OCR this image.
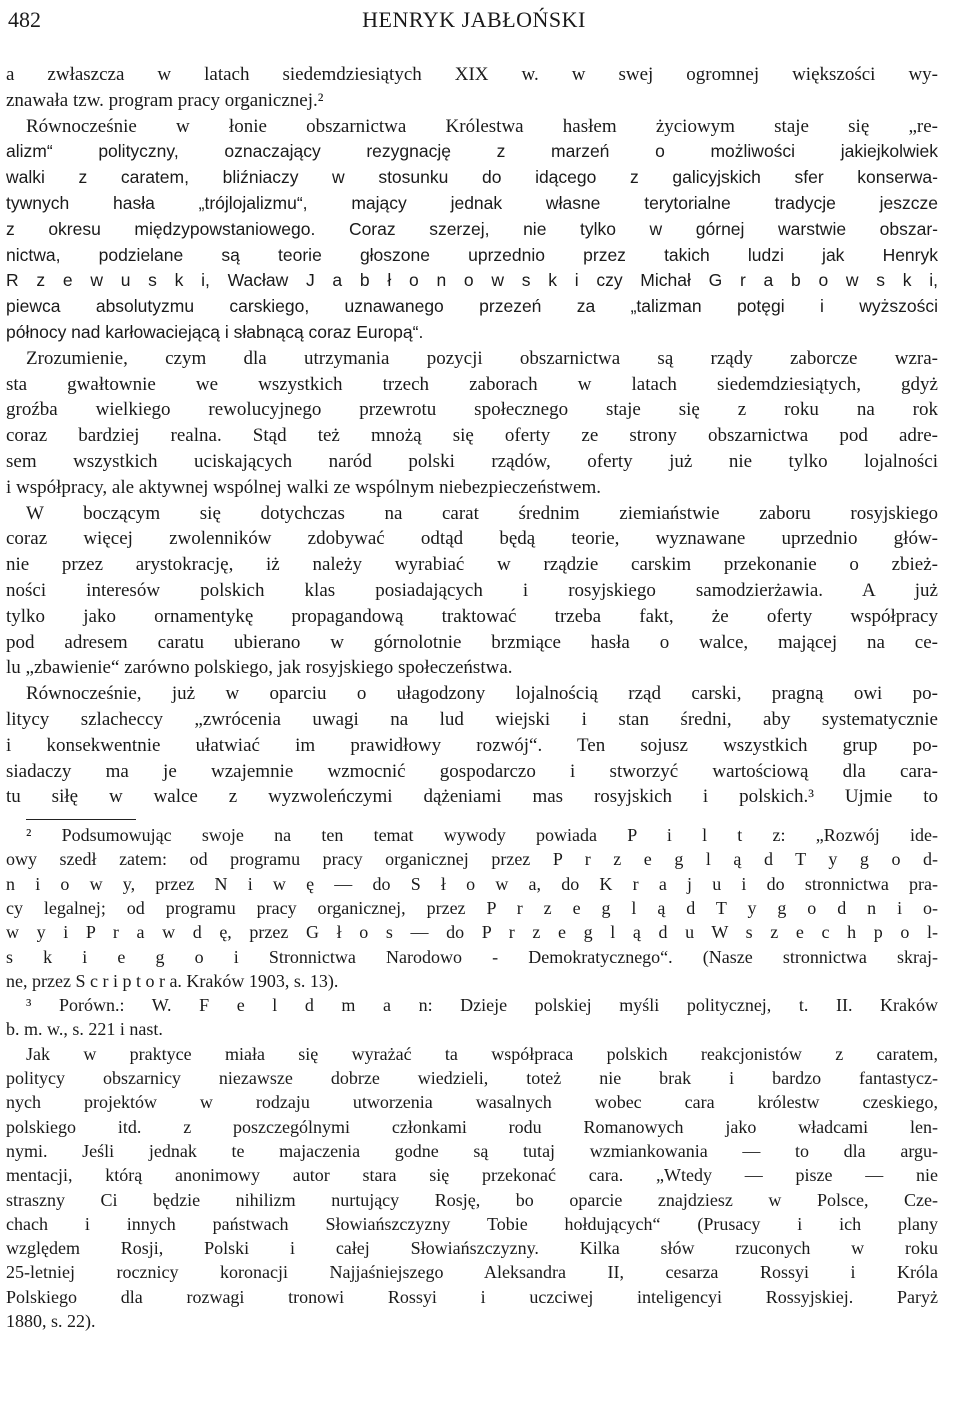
482	HENRYK JABŁOŃSKI
a zwłaszcza w latach siedemdziesiątych XIX w. w swej ogromnej większości wy-
znawała tzw. program pracy organicznej.²
Równocześnie w łonie obszarnictwa Królestwa hasłem życiowym staje się „re-
alizm“ polityczny, oznaczający rezygnację z marzeń o możliwości jakiejkolwiek
walki z caratem, bliźniaczy w stosunku do idącego z galicyjskich sfer konserwa-
tywnych hasła „trójlojalizmu“, mający jednak własne terytorialne tradycje jeszcze
z okresu międzypowstaniowego. Coraz szerzej, nie tylko w górnej warstwie obszar-
nictwa, podzielane są teorie głoszone uprzednio przez takich ludzi jak Henryk
R z e w u s k i, Wacław J a b ł o n o w s k i czy Michał G r a b o w s k i,
piewca absolutyzmu carskiego, uznawanego przezeń za „talizman potęgi i wyższości
północy nad karłowaciejącą i słabnącą coraz Europą“.
Zrozumienie, czym dla utrzymania pozycji obszarnictwa są rządy zaborcze wzra-
sta gwałtownie we wszystkich trzech zaborach w latach siedemdziesiątych, gdyż
groźba wielkiego rewolucyjnego przewrotu społecznego staje się z roku na rok
coraz bardziej realna. Stąd też mnożą się oferty ze strony obszarnictwa pod adre-
sem wszystkich uciskających naród polski rządów, oferty już nie tylko lojalności
i współpracy, ale aktywnej wspólnej walki ze wspólnym niebezpieczeństwem.
W boczącym się dotychczas na carat średnim ziemiaństwie zaboru rosyjskiego
coraz więcej zwolenników zdobywać odtąd będą teorie, wyznawane uprzednio głów-
nie przez arystokrację, iż należy wyrabiać w rządzie carskim przekonanie o zbież-
ności interesów polskich klas posiadających i rosyjskiego samodzierżawia. A już
tylko jako ornamentykę propagandową traktować trzeba fakt, że oferty współpracy
pod adresem caratu ubierano w górnolotnie brzmiące hasła o walce, mającej na ce-
lu „zbawienie“ zarówno polskiego, jak rosyjskiego społeczeństwa.
Równocześnie, już w oparciu o ułagodzony lojalnością rząd carski, pragną owi po-
litycy szlacheccy „zwrócenia uwagi na lud wiejski i stan średni, aby systematycznie
i konsekwentnie ułatwiać im prawidłowy rozwój“. Ten sojusz wszystkich grup po-
siadaczy ma je wzajemnie wzmocnić gospodarczo i stworzyć wartościową dla cara-
tu siłę w walce z wyzwoleńczymi dążeniami mas rosyjskich i polskich.³ Ujmie to
² Podsumowując swoje na ten temat wywody powiada P i l t z: „Rozwój ide-
owy szedł zatem: od programu pracy organicznej przez P r z e g l ą d T y g o d-
n i o w y, przez N i w ę — do S ł o w a, do K r a j u i do stronnictwa pra-
cy legalnej; od programu pracy organicznej, przez P r z e g l ą d T y g o d n i o-
w y i P r a w d ę, przez G ł o s — do P r z e g l ą d u W s z e c h p o l-
s k i e g o i Stronnictwa Narodowo - Demokratycznego“. (Nasze stronnictwa skraj-
ne, przez S c r i p t o r a. Kraków 1903, s. 13).
³ Porówn.: W. F e l d m a n: Dzieje polskiej myśli politycznej, t. II. Kraków
b. m. w., s. 221 i nast.
Jak w praktyce miała się wyrażać ta współpraca polskich reakcjonistów z caratem,
politycy obszarnicy niezawsze dobrze wiedzieli, toteż nie brak i bardzo fantastycz-
nych projektów w rodzaju utworzenia wasalnych wobec cara królestw czeskiego,
polskiego itd. z poszczególnymi członkami rodu Romanowych jako władcami len-
nymi. Jeśli jednak te majaczenia godne są tutaj wzmiankowania — to dla argu-
mentacji, którą anonimowy autor stara się przekonać cara. „Wtedy — pisze — nie
straszny Ci będzie nihilizm nurtujący Rosję, bo oparcie znajdziesz w Polsce, Cze-
chach i innych państwach Słowiańszczyzny Tobie hołdujących“ (Prusacy i ich plany
względem Rosji, Polski i całej Słowiańszczyzny. Kilka słów rzuconych w roku
25-letniej rocznicy koronacji Najjaśniejszego Aleksandra II, cesarza Rossyi i Króla
Polskiego dla rozwagi tronowi Rossyi i uczciwej inteligencyi Rossyjskiej. Paryż
1880, s. 22).
